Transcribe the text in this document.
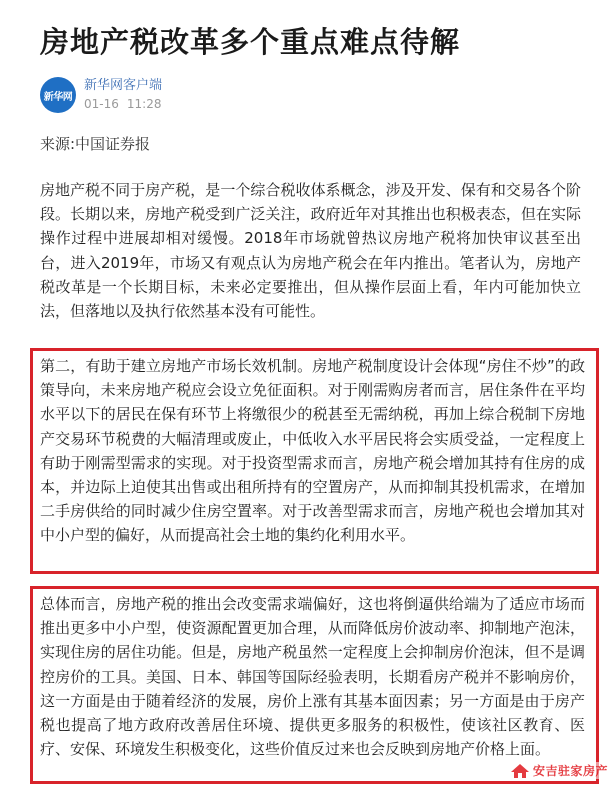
房地产税改革多个重点难点待解
新华网
新华网客户端
01-16 11:28
来源:中国证券报

房地产税不同于房产税，是一个综合税收体系概念，涉及开发、保有和交易各个阶段。长期以来，房地产税受到广泛关注，政府近年对其推出也积极表态，但在实际操作过程中进展却相对缓慢。2018年市场就曾热议房地产税将加快审议甚至出台，进入2019年，市场又有观点认为房地产税会在年内推出。笔者认为，房地产税改革是一个长期目标，未来必定要推出，但从操作层面上看，年内可能加快立法，但落地以及执行依然基本没有可能性。

第二，有助于建立房地产市场长效机制。房地产税制度设计会体现“房住不炒”的政策导向，未来房地产税应会设立免征面积。对于刚需购房者而言，居住条件在平均水平以下的居民在保有环节上将缴很少的税甚至无需纳税，再加上综合税制下房地产交易环节税费的大幅清理或废止，中低收入水平居民将会实质受益，一定程度上有助于刚需型需求的实现。对于投资型需求而言，房地产税会增加其持有住房的成本，并边际上迫使其出售或出租所持有的空置房产，从而抑制其投机需求，在增加二手房供给的同时减少住房空置率。对于改善型需求而言，房地产税也会增加其对中小户型的偏好，从而提高社会土地的集约化利用水平。

总体而言，房地产税的推出会改变需求端偏好，这也将倒逼供给端为了适应市场而推出更多中小户型，使资源配置更加合理，从而降低房价波动率、抑制地产泡沫，实现住房的居住功能。但是，房地产税虽然一定程度上会抑制房价泡沫，但不是调控房价的工具。美国、日本、韩国等国际经验表明，长期看房产税并不影响房价，这一方面是由于随着经济的发展，房价上涨有其基本面因素；另一方面是由于房产税也提高了地方政府改善居住环境、提供更多服务的积极性，使该社区教育、医疗、安保、环境发生积极变化，这些价值反过来也会反映到房地产价格上面。

安吉驻家房产
